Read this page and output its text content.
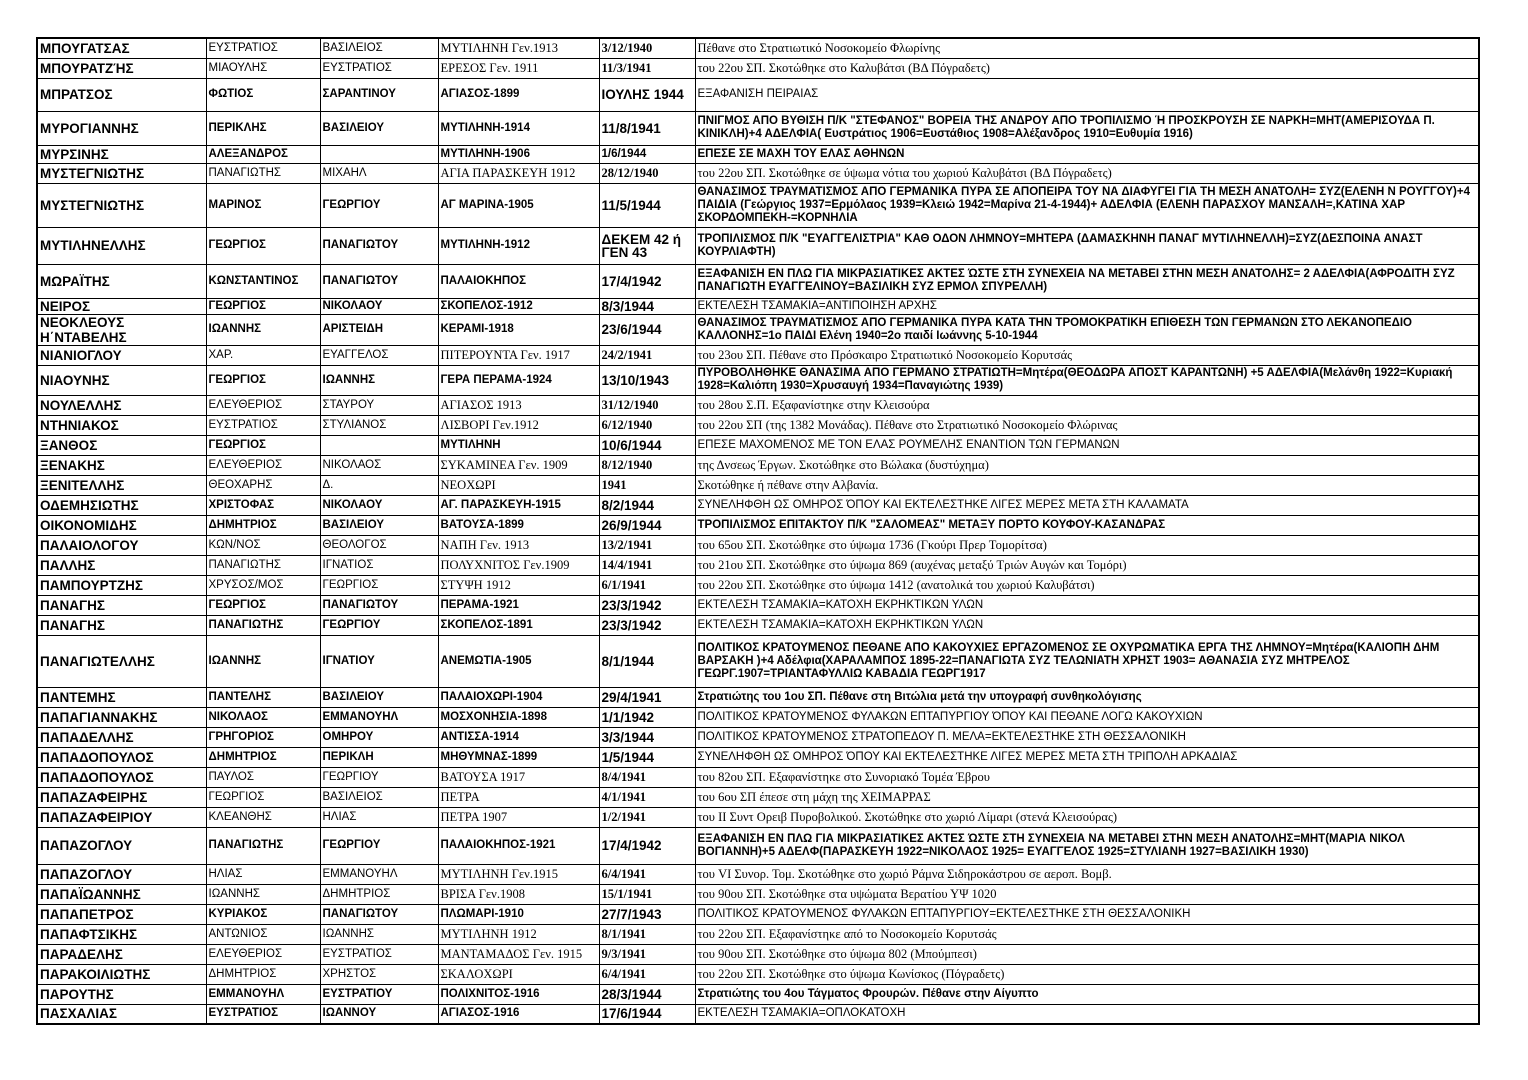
ΜΠΟΥΓΑΤΣΑΣ	ΕΥΣΤΡΑΤΙΟΣ	ΒΑΣΙΛΕΙΟΣ	ΜΥΤΙΛΗΝΗ Γεν.1913	3/12/1940	Πέθανε στο Στρατιωτικό Νοσοκομείο Φλωρίνης
ΜΠΟΥΡΑΤΖΉΣ	ΜΙΑΟΥΛΗΣ	ΕΥΣΤΡΑΤΙΟΣ	ΕΡΕΣΟΣ Γεν. 1911	11/3/1941	του 22ου ΣΠ. Σκοτώθηκε στο Καλυβάτσι (ΒΔ Πόγραδετς)
ΜΠΡΑΤΣΟΣ	ΦΩΤΙΟΣ	ΣΑΡΑΝΤΙΝΟΥ	ΑΓΙΑΣΟΣ-1899	ΙΟΥΛΗΣ 1944	ΕΞΑΦΑΝΙΣΗ ΠΕΙΡΑΙΑΣ
ΜΥΡΟΓΙΑΝΝΗΣ	ΠΕΡΙΚΛΗΣ	ΒΑΣΙΛΕΙΟΥ	ΜΥΤΙΛΗΝΗ-1914	11/8/1941	ΠΝΙΓΜΟΣ ΑΠΟ ΒΥΘΙΣΗ Π/Κ "ΣΤΕΦΑΝΟΣ" ΒΟΡΕΙΑ ΤΗΣ ΑΝΔΡΟΥ ΑΠΟ ΤΡΟΠΙΛΙΣΜΟ Ή ΠΡΟΣΚΡΟΥΣΗ ΣΕ ΝΑΡΚΗ=ΜΗΤ(ΑΜΕΡΙΣΟΥΔΑ Π. ΚΙΝΙΚΛΗ)+4 ΑΔΕΛΦΙΑ( Ευστράτιος 1906=Ευστάθιος 1908=Αλέξανδρος 1910=Ευθυμία 1916)
ΜΥΡΣΙΝΗΣ	ΑΛΕΞΑΝΔΡΟΣ		ΜΥΤΙΛΗΝΗ-1906	1/6/1944	ΕΠΕΣΕ ΣΕ ΜΑΧΗ ΤΟΥ ΕΛΑΣ ΑΘΗΝΩΝ
ΜΥΣΤΕΓΝΙΩΤΗΣ	ΠΑΝΑΓΙΩΤΗΣ	ΜΙΧΑΗΛ	ΑΓΙΑ ΠΑΡΑΣΚΕΥΗ 1912	28/12/1940	του 22ου ΣΠ. Σκοτώθηκε σε ύψωμα νότια του χωριού Καλυβάτσι (ΒΔ Πόγραδετς)
ΜΥΣΤΕΓΝΙΩΤΗΣ	ΜΑΡΙΝΟΣ	ΓΕΩΡΓΙΟΥ	ΑΓ ΜΑΡΙΝΑ-1905	11/5/1944	ΘΑΝΑΣΙΜΟΣ ΤΡΑΥΜΑΤΙΣΜΟΣ ΑΠΟ ΓΕΡΜΑΝΙΚΑ ΠΥΡΑ ΣΕ ΑΠΟΠΕΙΡΑ ΤΟΥ ΝΑ ΔΙΑΦΥΓΕΙ ΓΙΑ ΤΗ ΜΕΣΗ ΑΝΑΤΟΛΗ= ΣΥΖ(ΕΛΕΝΗ Ν ΡΟΥΓΓΟΥ)+4 ΠΑΙΔΙΑ (Γεώργιος 1937=Ερμόλαος 1939=Κλειώ 1942=Μαρίνα 21-4-1944)+ ΑΔΕΛΦΙΑ (ΕΛΕΝΗ ΠΑΡΑΣΧΟΥ ΜΑΝΣΑΛΗ=,ΚΑΤΙΝΑ ΧΑΡ ΣΚΟΡΔΟΜΠΕΚΗ-=ΚΟΡΝΗΛΙΑ
ΜΥΤΙΛΗΝΕΛΛΗΣ	ΓΕΩΡΓΙΟΣ	ΠΑΝΑΓΙΩΤΟΥ	ΜΥΤΙΛΗΝΗ-1912	ΔΕΚΕΜ 42 ή ΓΕΝ 43	ΤΡΟΠΙΛΙΣΜΟΣ Π/Κ "ΕΥΑΓΓΕΛΙΣΤΡΙΑ" ΚΑΘ ΟΔΟΝ ΛΗΜΝΟΥ=ΜΗΤΕΡΑ (ΔΑΜΑΣΚΗΝΗ ΠΑΝΑΓ ΜΥΤΙΛΗΝΕΛΛΗ)=ΣΥΖ(ΔΕΣΠΟΙΝΑ ΑΝΑΣΤ ΚΟΥΡΛΙΑΦΤΗ)
ΜΩΡΑΪΤΗΣ	ΚΩΝΣΤΑΝΤΙΝΟΣ	ΠΑΝΑΓΙΩΤΟΥ	ΠΑΛΑΙΟΚΗΠΟΣ	17/4/1942	ΕΞΑΦΑΝΙΣΗ ΕΝ ΠΛΩ ΓΙΑ ΜΙΚΡΑΣΙΑΤΙΚΕΣ ΑΚΤΕΣ ΏΣΤΕ ΣΤΗ ΣΥΝΕΧΕΙΑ ΝΑ ΜΕΤΑΒΕΙ ΣΤΗΝ ΜΕΣΗ ΑΝΑΤΟΛΗΣ= 2 ΑΔΕΛΦΙΑ(ΑΦΡΟΔΙΤΗ ΣΥΖ ΠΑΝΑΓΙΩΤΗ ΕΥΑΓΓΕΛΙΝΟΥ=ΒΑΣΙΛΙΚΗ ΣΥΖ ΕΡΜΟΛ ΣΠΥΡΕΛΛΗ)
ΝΕΙΡΟΣ	ΓΕΩΡΓΙΟΣ	ΝΙΚΟΛΑΟΥ	ΣΚΟΠΕΛΟΣ-1912	8/3/1944	ΕΚΤΕΛΕΣΗ ΤΣΑΜΑΚΙΑ=ΑΝΤΙΠΟΙΗΣΗ ΑΡΧΗΣ
ΝΕΟΚΛΕΟΥΣ Η΄ΝΤΑΒΕΛΗΣ	ΙΩΑΝΝΗΣ	ΑΡΙΣΤΕΙΔΗ	ΚΕΡΑΜΙ-1918	23/6/1944	ΘΑΝΑΣΙΜΟΣ ΤΡΑΥΜΑΤΙΣΜΟΣ ΑΠΟ ΓΕΡΜΑΝΙΚΑ ΠΥΡΑ ΚΑΤΑ ΤΗΝ ΤΡΟΜΟΚΡΑΤΙΚΗ ΕΠΙΘΕΣΗ ΤΩΝ ΓΕΡΜΑΝΩΝ ΣΤΟ ΛΕΚΑΝΟΠΕΔΙΟ ΚΑΛΛΟΝΗΣ=1ο ΠΑΙΔΙ Ελένη 1940=2ο παιδί Ιωάννης 5-10-1944
ΝΙΑΝΙΟΓΛΟΥ	ΧΑΡ.	ΕΥΑΓΓΕΛΟΣ	ΠΙΤΕΡΟΥΝΤΑ Γεν. 1917	24/2/1941	του 23ου ΣΠ. Πέθανε στο Πρόσκαιρο Στρατιωτικό Νοσοκομείο Κορυτσάς
ΝΙΑΟΥΝΗΣ	ΓΕΩΡΓΙΟΣ	ΙΩΑΝΝΗΣ	ΓΕΡΑ ΠΕΡΑΜΑ-1924	13/10/1943	ΠΥΡΟΒΟΛΗΘΗΚΕ ΘΑΝΑΣΙΜΑ ΑΠΟ ΓΕΡΜΑΝΟ ΣΤΡΑΤΙΩΤΗ=Μητέρα(ΘΕΟΔΩΡΑ ΑΠΟΣΤ ΚΑΡΑΝΤΩΝΗ) +5 ΑΔΕΛΦΙΑ(Μελάνθη 1922=Κυριακή 1928=Καλιόπη 1930=Χρυσαυγή 1934=Παναγιώτης 1939)
ΝΟΥΛΕΛΛΗΣ	ΕΛΕΥΘΕΡΙΟΣ	ΣΤΑΥΡΟΥ	ΑΓΙΑΣΟΣ 1913	31/12/1940	του 28ου Σ.Π. Εξαφανίστηκε στην Κλεισούρα
ΝΤΗΝΙΑΚΟΣ	ΕΥΣΤΡΑΤΙΟΣ	ΣΤΥΛΙΑΝΟΣ	ΛΙΣΒΟΡΙ Γεν.1912	6/12/1940	του 22ου ΣΠ (της 1382 Μονάδας). Πέθανε στο Στρατιωτικό Νοσοκομείο Φλώρινας
ΞΑΝΘΟΣ	ΓΕΩΡΓΙΟΣ		ΜΥΤΙΛΗΝΗ	10/6/1944	ΕΠΕΣΕ ΜΑΧΟΜΕΝΟΣ ΜΕ ΤΟΝ ΕΛΑΣ ΡΟΥΜΕΛΗΣ ΕΝΑΝΤΙΟΝ ΤΩΝ ΓΕΡΜΑΝΩΝ
ΞΕΝΑΚΗΣ	ΕΛΕΥΘΕΡΙΟΣ	ΝΙΚΟΛΑΟΣ	ΣΥΚΑΜΙΝΕΑ Γεν. 1909	8/12/1940	της Δνσεως Έργων. Σκοτώθηκε στο Βώλακα (δυστύχημα)
ΞΕΝΙΤΕΛΛΗΣ	ΘΕΟΧΑΡΗΣ	Δ.	ΝΕΟΧΩΡΙ	1941	Σκοτώθηκε ή πέθανε στην Αλβανία.
ΟΔΕΜΗΣΙΩΤΗΣ	ΧΡΙΣΤΟΦΑΣ	ΝΙΚΟΛΑΟΥ	ΑΓ. ΠΑΡΑΣΚΕΥΗ-1915	8/2/1944	ΣΥΝΕΛΗΦΘΗ ΩΣ ΟΜΗΡΟΣ ΌΠΟΥ ΚΑΙ ΕΚΤΕΛΕΣΤΗΚΕ ΛΙΓΕΣ ΜΕΡΕΣ ΜΕΤΑ ΣΤΗ ΚΑΛΑΜΑΤΑ
ΟΙΚΟΝΟΜΙΔΗΣ	ΔΗΜΗΤΡΙΟΣ	ΒΑΣΙΛΕΙΟΥ	ΒΑΤΟΥΣΑ-1899	26/9/1944	ΤΡΟΠΙΛΙΣΜΟΣ ΕΠΙΤΑΚΤΟΥ Π/Κ "ΣΑΛΟΜΕΑΣ" ΜΕΤΑΞΥ ΠΟΡΤΟ ΚΟΥΦΟΥ-ΚΑΣΑΝΔΡΑΣ
ΠΑΛΑΙΟΛΟΓΟΥ	ΚΩΝ/ΝΟΣ	ΘΕΟΛΟΓΟΣ	ΝΑΠΗ Γεν. 1913	13/2/1941	του 65ου ΣΠ. Σκοτώθηκε στο ύψωμα 1736 (Γκούρι Πρερ Τομορίτσα)
ΠΑΛΛΗΣ	ΠΑΝΑΓΙΩΤΗΣ	ΙΓΝΑΤΙΟΣ	ΠΟΛΥΧΝΙΤΟΣ Γεν.1909	14/4/1941	του 21ου ΣΠ. Σκοτώθηκε στο ύψωμα 869 (αυχένας μεταξύ Τριών Αυγών και Τομόρι)
ΠΑΜΠΟΥΡΤΖΗΣ	ΧΡΥΣΟΣ/ΜΟΣ	ΓΕΩΡΓΙΟΣ	ΣΤΥΨΗ 1912	6/1/1941	του 22ου ΣΠ. Σκοτώθηκε στο ύψωμα 1412 (ανατολικά του χωριού Καλυβάτσι)
ΠΑΝΑΓΗΣ	ΓΕΩΡΓΙΟΣ	ΠΑΝΑΓΙΩΤΟΥ	ΠΕΡΑΜΑ-1921	23/3/1942	ΕΚΤΕΛΕΣΗ ΤΣΑΜΑΚΙΑ=ΚΑΤΟΧΗ ΕΚΡΗΚΤΙΚΩΝ ΥΛΩΝ
ΠΑΝΑΓΗΣ	ΠΑΝΑΓΙΩΤΗΣ	ΓΕΩΡΓΙΟΥ	ΣΚΟΠΕΛΟΣ-1891	23/3/1942	ΕΚΤΕΛΕΣΗ ΤΣΑΜΑΚΙΑ=ΚΑΤΟΧΗ ΕΚΡΗΚΤΙΚΩΝ ΥΛΩΝ
ΠΑΝΑΓΙΩΤΕΛΛΗΣ	ΙΩΑΝΝΗΣ	ΙΓΝΑΤΙΟΥ	ΑΝΕΜΩΤΙΑ-1905	8/1/1944	ΠΟΛΙΤΙΚΟΣ ΚΡΑΤΟΥΜΕΝΟΣ ΠΕΘΑΝΕ ΑΠΟ ΚΑΚΟΥΧΙΕΣ ΕΡΓΑΖΟΜΕΝΟΣ ΣΕ ΟΧΥΡΩΜΑΤΙΚΑ ΕΡΓΑ ΤΗΣ ΛΗΜΝΟΥ=Μητέρα(ΚΑΛΙΟΠΗ ΔΗΜ ΒΑΡΣΑΚΗ )+4 Αδέλφια(ΧΑΡΑΛΑΜΠΟΣ 1895-22=ΠΑΝΑΓΙΩΤΑ ΣΥΖ ΤΕΛΩΝΙΑΤΗ ΧΡΗΣΤ 1903= ΑΘΑΝΑΣΙΑ ΣΥΖ ΜΗΤΡΕΛΟΣ ΓΕΩΡΓ.1907=ΤΡΙΑΝΤΑΦΥΛΛΙΩ ΚΑΒΑΔΙΑ ΓΕΩΡΓ1917
ΠΑΝΤΕΜΗΣ	ΠΑΝΤΕΛΗΣ	ΒΑΣΙΛΕΙΟΥ	ΠΑΛΑΙΟΧΩΡΙ-1904	29/4/1941	Στρατιώτης του 1ου ΣΠ. Πέθανε στη Βιτώλια μετά την υπογραφή συνθηκολόγισης
ΠΑΠΑΓΙΑΝΝΑΚΗΣ	ΝΙΚΟΛΑΟΣ	ΕΜΜΑΝΟΥΗΛ	ΜΟΣΧΟΝΗΣΙΑ-1898	1/1/1942	ΠΟΛΙΤΙΚΟΣ ΚΡΑΤΟΥΜΕΝΟΣ ΦΥΛΑΚΩΝ ΕΠΤΑΠΥΡΓΙΟΥ ΌΠΟΥ ΚΑΙ ΠΕΘΑΝΕ ΛΟΓΩ ΚΑΚΟΥΧΙΩΝ
ΠΑΠΑΔΕΛΛΗΣ	ΓΡΗΓΟΡΙΟΣ	ΟΜΗΡΟΥ	ΑΝΤΙΣΣΑ-1914	3/3/1944	ΠΟΛΙΤΙΚΟΣ ΚΡΑΤΟΥΜΕΝΟΣ ΣΤΡΑΤΟΠΕΔΟΥ Π. ΜΕΛΑ=ΕΚΤΕΛΕΣΤΗΚΕ ΣΤΗ ΘΕΣΣΑΛΟΝΙΚΗ
ΠΑΠΑΔΟΠΟΥΛΟΣ	ΔΗΜΗΤΡΙΟΣ	ΠΕΡΙΚΛΗ	ΜΗΘΥΜΝΑΣ-1899	1/5/1944	ΣΥΝΕΛΗΦΘΗ ΩΣ ΟΜΗΡΟΣ ΌΠΟΥ ΚΑΙ ΕΚΤΕΛΕΣΤΗΚΕ ΛΙΓΕΣ ΜΕΡΕΣ ΜΕΤΑ ΣΤΗ ΤΡΙΠΟΛΗ ΑΡΚΑΔΙΑΣ
ΠΑΠΑΔΟΠΟΥΛΟΣ	ΠΑΥΛΟΣ	ΓΕΩΡΓΙΟΥ	ΒΑΤΟΥΣΑ 1917	8/4/1941	του 82ου ΣΠ. Εξαφανίστηκε στο Συνοριακό Τομέα Έβρου
ΠΑΠΑΖΑΦΕΙΡΗΣ	ΓΕΩΡΓΙΟΣ	ΒΑΣΙΛΕΙΟΣ	ΠΕΤΡΑ	4/1/1941	του 6ου ΣΠ έπεσε στη μάχη της ΧΕΙΜΑΡΡΑΣ
ΠΑΠΑΖΑΦΕΙΡΙΟΥ	ΚΛΕΑΝΘΗΣ	ΗΛΙΑΣ	ΠΕΤΡΑ 1907	1/2/1941	του ΙΙ Συντ Ορειβ Πυροβολικού. Σκοτώθηκε στο χωριό Λίμαρι (στενά Κλεισούρας)
ΠΑΠΑΖΟΓΛΟΥ	ΠΑΝΑΓΙΩΤΗΣ	ΓΕΩΡΓΙΟΥ	ΠΑΛΑΙΟΚΗΠΟΣ-1921	17/4/1942	ΕΞΑΦΑΝΙΣΗ ΕΝ ΠΛΩ ΓΙΑ ΜΙΚΡΑΣΙΑΤΙΚΕΣ ΑΚΤΕΣ ΏΣΤΕ ΣΤΗ ΣΥΝΕΧΕΙΑ ΝΑ ΜΕΤΑΒΕΙ ΣΤΗΝ ΜΕΣΗ ΑΝΑΤΟΛΗΣ=ΜΗΤ(ΜΑΡΙΑ ΝΙΚΟΛ ΒΟΓΙΑΝΝΗ)+5 ΑΔΕΛΦ(ΠΑΡΑΣΚΕΥΗ 1922=ΝΙΚΟΛΑΟΣ 1925= ΕΥΑΓΓΕΛΟΣ 1925=ΣΤΥΛΙΑΝΗ 1927=ΒΑΣΙΛΙΚΗ 1930)
ΠΑΠΑΖΟΓΛΟΥ	ΗΛΙΑΣ	ΕΜΜΑΝΟΥΗΛ	ΜΥΤΙΛΗΝΗ Γεν.1915	6/4/1941	του VI Συνορ. Τομ. Σκοτώθηκε στο χωριό Ράμνα Σιδηροκάστρου σε αεροπ. Βομβ.
ΠΑΠΑΪΩΑΝΝΗΣ	ΙΩΑΝΝΗΣ	ΔΗΜΗΤΡΙΟΣ	ΒΡΙΣΑ Γεν.1908	15/1/1941	του 90ου ΣΠ. Σκοτώθηκε στα υψώματα Βερατίου ΥΨ 1020
ΠΑΠΑΠΕΤΡΟΣ	ΚΥΡΙΑΚΟΣ	ΠΑΝΑΓΙΩΤΟΥ	ΠΛΩΜΑΡΙ-1910	27/7/1943	ΠΟΛΙΤΙΚΟΣ ΚΡΑΤΟΥΜΕΝΟΣ ΦΥΛΑΚΩΝ ΕΠΤΑΠΥΡΓΙΟΥ=ΕΚΤΕΛΕΣΤΗΚΕ ΣΤΗ ΘΕΣΣΑΛΟΝΙΚΗ
ΠΑΠΑΦΤΣΙΚΗΣ	ΑΝΤΩΝΙΟΣ	ΙΩΑΝΝΗΣ	ΜΥΤΙΛΗΝΗ 1912	8/1/1941	του 22ου ΣΠ. Εξαφανίστηκε από το Νοσοκομείο Κορυτσάς
ΠΑΡΑΔΕΛΗΣ	ΕΛΕΥΘΕΡΙΟΣ	ΕΥΣΤΡΑΤΙΟΣ	ΜΑΝΤΑΜΑΔΟΣ Γεν. 1915	9/3/1941	του 90ου ΣΠ. Σκοτώθηκε στο ύψωμα 802 (Μπούμπεσι)
ΠΑΡΑΚΟΙΛΙΩΤΗΣ	ΔΗΜΗΤΡΙΟΣ	ΧΡΗΣΤΟΣ	ΣΚΑΛΟΧΩΡΙ	6/4/1941	του 22ου ΣΠ. Σκοτώθηκε στο ύψωμα Κωνίσκος (Πόγραδετς)
ΠΑΡΟΥΤΗΣ	ΕΜΜΑΝΟΥΗΛ	ΕΥΣΤΡΑΤΙΟΥ	ΠΟΛΙΧΝΙΤΟΣ-1916	28/3/1944	Στρατιώτης του 4ου Τάγματος Φρουρών. Πέθανε στην Αίγυπτο
ΠΑΣΧΑΛΙΑΣ	ΕΥΣΤΡΑΤΙΟΣ	ΙΩΑΝΝΟΥ	ΑΓΙΑΣΟΣ-1916	17/6/1944	ΕΚΤΕΛΕΣΗ ΤΣΑΜΑΚΙΑ=ΟΠΛΟΚΑΤΟΧΗ
